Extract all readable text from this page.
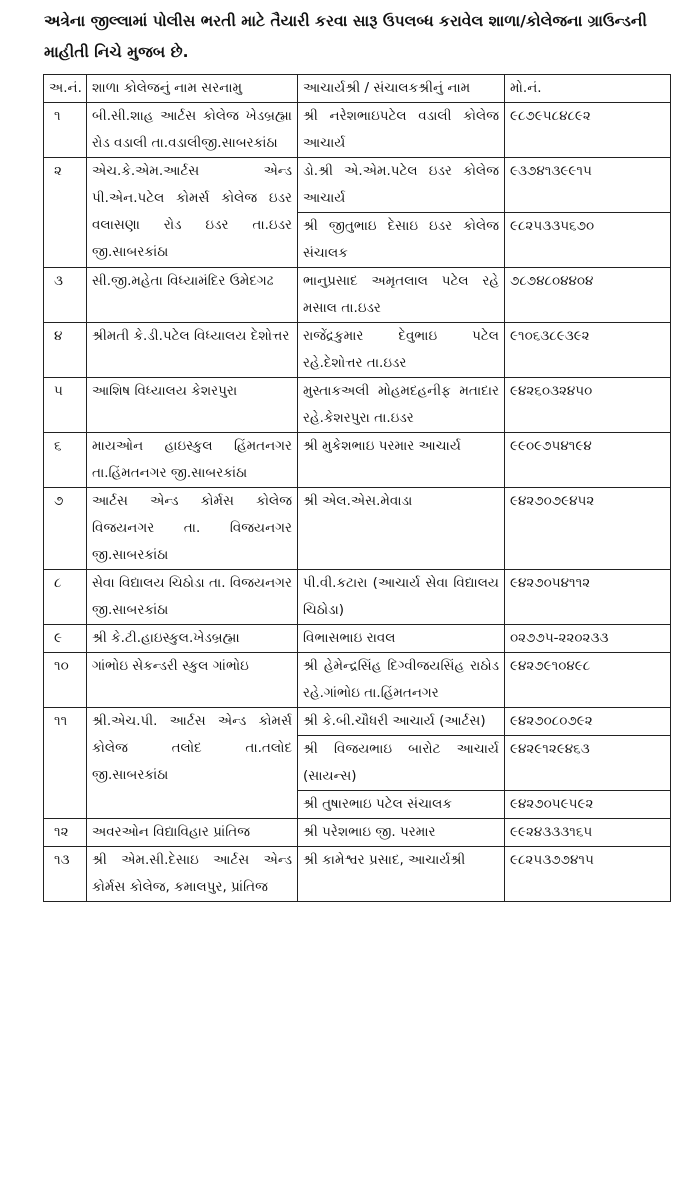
અત્રેના જીલ્લામાં પોલીસ ભરતી માટે તૈયારી કરવા સારૂ ઉપલબ્ધ કરાવેલ શાળા/કોલેજના ગ્રાઉન્ડની માહીતી નિચે મુજબ છે.

અ.નં.	શાળા કોલેજનું નામ સરનામુ	આચાર્યશ્રી / સંચાલકશ્રીનું નામ	મો.નં.
૧	બી.સી.શાહ આર્ટસ કોલેજ ખેડબ્રહ્મા રોડ વડાલી તા.વડાલીજી.સાબરકાંઠા	શ્રી નરેશભાઇપટેલ વડાલી કોલેજ આચાર્ય	૯૮૭૯૫૮૪૮૯૨
૨	એચ.કે.એમ.આર્ટસ એન્ડ પી.એન.પટેલ કોમર્સ કોલેજ ઇડર વલાસણા રોડ ઇડર તા.ઇડર જી.સાબરકાંઠા	ડો.શ્રી એ.એમ.પટેલ ઇડર કોલેજ આચાર્ય	૯૩૭૪૧૩૯૯૧૫
		શ્રી જીતુભાઇ દેસાઇ ઇડર કોલેજ સંચાલક	૯૮૨૫૩૩૫૬૭૦
૩	સી.જી.મહેતા વિધ્યામંદિર ઉમેદગઢ	ભાનુપ્રસાદ અમૃતલાલ પટેલ રહે મસાલ તા.ઇડર	૭૮૭૪૮૦૪૪૦૪
૪	શ્રીમતી કે.ડી.પટેલ વિધ્યાલય દેશોત્તર	રાજેંદ્રકુમાર દેવુભાઇ પટેલ રહે.દેશોત્તર તા.ઇડર	૯૧૦૬૩૮૯૩૯૨
૫	આશિષ વિધ્યાલય કેશરપુરા	મુસ્તાકઅલી મોહમદહનીફ મતાદાર રહે.કેશરપુરા તા.ઇડર	૯૪૨૬૦૩૨૪૫૦
૬	માયઓન હાઇસ્કુલ હિંમતનગર તા.હિંમતનગર જી.સાબરકાંઠા	શ્રી મુકેશભાઇ પરમાર આચાર્ય	૯૯૦૯૭૫૪૧૯૪
૭	આર્ટસ એન્ડ કોર્મસ કોલેજ વિજયનગર તા. વિજયનગર જી.સાબરકાંઠા	શ્રી એલ.એસ.મેવાડા	૯૪૨૭૦૭૯૪૫૨
૮	સેવા વિદ્યાલય ચિઠોડા તા. વિજયનગર જી.સાબરકાંઠા	પી.વી.કટારા (આચાર્ય સેવા વિદ્યાલય ચિઠોડા)	૯૪૨૭૦૫૪૧૧૨
૯	શ્રી કે.ટી.હાઇસ્કુલ.ખેડબ્રહ્મા	વિભાસભાઇ રાવલ	૦૨૭૭૫-૨૨૦૨૩૩
૧૦	ગાંભોઇ સેકન્ડરી સ્કુલ ગાંભોઇ	શ્રી હેમેન્દ્રસિંહ દિગ્વીજયસિંહ રાઠોડ રહે.ગાંભોઇ તા.હિંમતનગર	૯૪૨૭૯૧૦૪૯૮
૧૧	શ્રી.એચ.પી. આર્ટસ એન્ડ કોમર્સ કોલેજ તલોદ તા.તલોદ જી.સાબરકાંઠા	શ્રી કે.બી.ચૌધરી આચાર્ય (આર્ટસ)	૯૪૨૭૦૮૦૭૯૨
		શ્રી વિજયભાઇ બારોટ આચાર્ય (સાયન્સ)	૯૪૨૯૧૨૯૪૬૩
		શ્રી તુષારભાઇ પટેલ સંચાલક	૯૪૨૭૦૫૯૫૯૨
૧૨	અવરઓન વિદ્યાવિહાર પ્રાંતિજ	શ્રી પરેશભાઇ જી. પરમાર	૯૯૨૪૩૩૩૧૬૫
૧૩	શ્રી એમ.સી.દેસાઇ આર્ટસ એન્ડ કોર્મસ કોલેજ, કમાલપુર, પ્રાંતિજ	શ્રી કામેશ્વર પ્રસાદ, આચાર્યશ્રી	૯૮૨૫૩૭૭૪૧૫
